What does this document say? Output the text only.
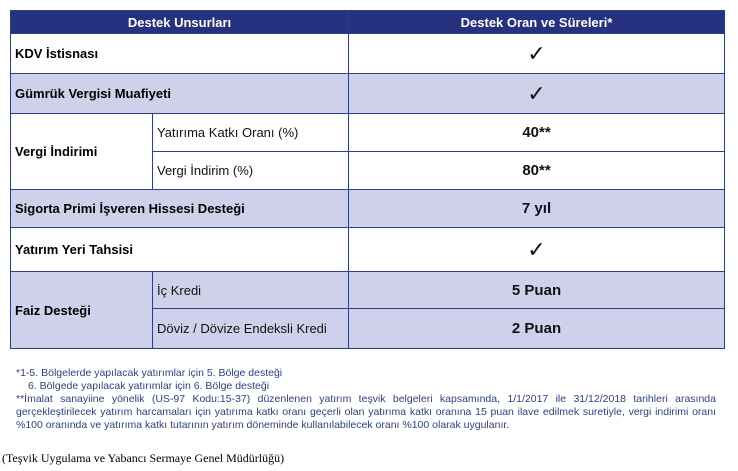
Destek Unsurları		Destek Oran ve Süreleri*
KDV İstisnası		✓
Gümrük Vergisi Muafiyeti		✓
Vergi İndirimi	Yatırıma Katkı Oranı (%)	40**
	Vergi İndirim (%)	80**
Sigorta Primi İşveren Hissesi Desteği		7 yıl
Yatırım Yeri Tahsisi		✓
Faiz Desteği	İç Kredi	5 Puan
	Döviz / Dövize Endeksli Kredi	2 Puan

*1-5. Bölgelerde yapılacak yatırımlar için 5. Bölge desteği

6. Bölgede yapılacak yatırımlar için 6. Bölge desteği

**İmalat sanayiine yönelik (US-97 Kodu:15-37) düzenlenen yatırım teşvik belgeleri kapsamında, 1/1/2017 ile 31/12/2018 tarihleri arasında gerçekleştirilecek yatırım harcamaları için yatırıma katkı oranı geçerli olan yatırıma katkı oranına 15 puan ilave edilmek suretiyle, vergi indirimi oranı %100 oranında ve yatırıma katkı tutarının yatırım döneminde kullanılabilecek oranı %100 olarak uygulanır.

(Teşvik Uygulama ve Yabancı Sermaye Genel Müdürlüğü)
